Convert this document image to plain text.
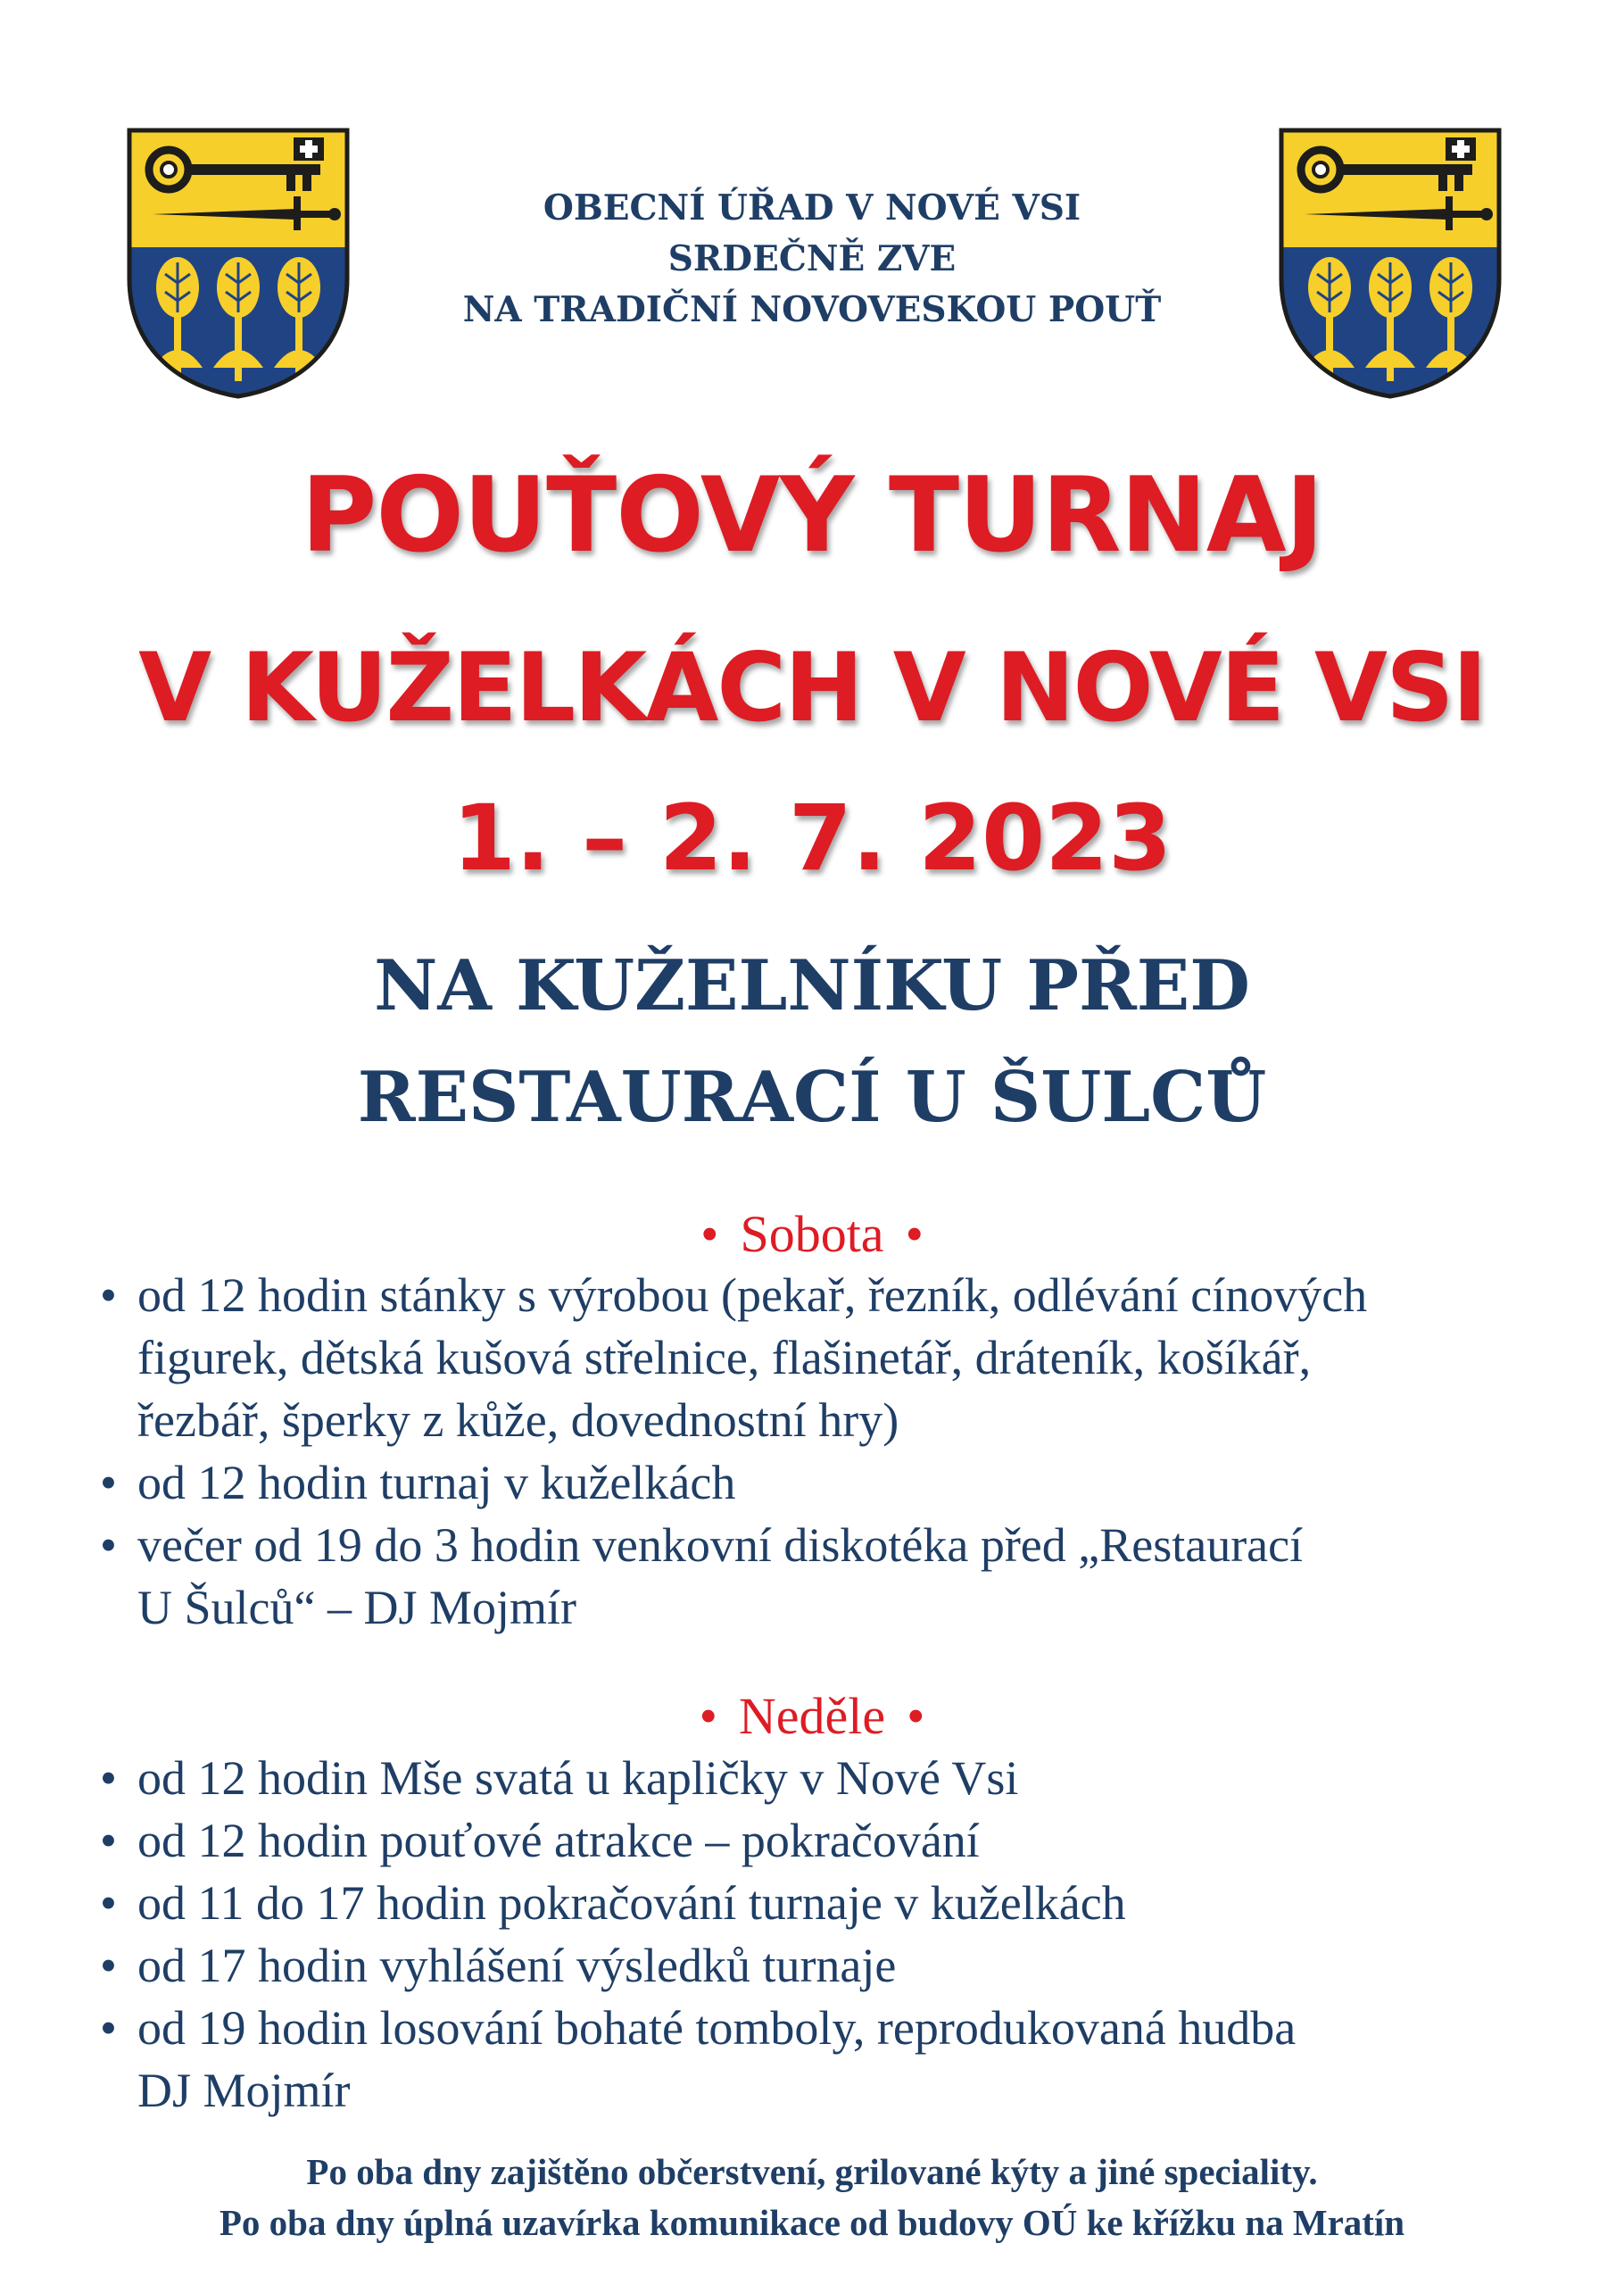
OBECNÍ ÚŘAD V NOVÉ VSI
SRDEČNĚ ZVE
NA TRADIČNÍ NOVOVESKOU POUŤ
POUŤOVÝ TURNAJ
V KUŽELKÁCH V NOVÉ VSI
1. – 2. 7. 2023
NA KUŽELNÍKU PŘED
RESTAURACÍ U ŠULCŮ
• Sobota •
• od 12 hodin stánky s výrobou (pekař, řezník, odlévání cínových
figurek, dětská kušová střelnice, flašinetář, dráteník, košíkář,
řezbář, šperky z kůže, dovednostní hry)
• od 12 hodin turnaj v kuželkách
• večer od 19 do 3 hodin venkovní diskotéka před „Restaurací
U Šulců“ – DJ Mojmír
• Neděle •
• od 12 hodin Mše svatá u kapličky v Nové Vsi
• od 12 hodin pouťové atrakce – pokračování
• od 11 do 17 hodin pokračování turnaje v kuželkách
• od 17 hodin vyhlášení výsledků turnaje
• od 19 hodin losování bohaté tomboly, reprodukovaná hudba
DJ Mojmír
Po oba dny zajištěno občerstvení, grilované kýty a jiné speciality.
Po oba dny úplná uzavírka komunikace od budovy OÚ ke křížku na Mratín
